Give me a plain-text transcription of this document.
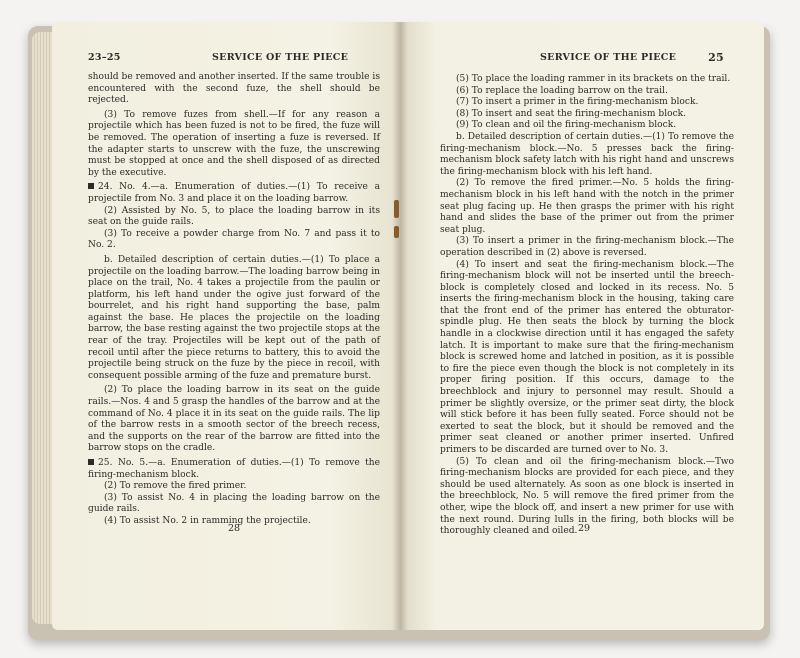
23–25	SERVICE OF THE PIECE

should be removed and another inserted. If the same trouble is encountered with the second fuze, the shell should be rejected.

(3) To remove fuzes from shell.—If for any reason a projectile which has been fuzed is not to be fired, the fuze will be removed. The operation of inserting a fuze is reversed. If the adapter starts to unscrew with the fuze, the unscrewing must be stopped at once and the shell disposed of as directed by the executive.

24. No. 4.—a. Enumeration of duties.—(1) To receive a projectile from No. 3 and place it on the loading barrow.

(2) Assisted by No. 5, to place the loading barrow in its seat on the guide rails.

(3) To receive a powder charge from No. 7 and pass it to No. 2.

b. Detailed description of certain duties.—(1) To place a projectile on the loading barrow.—The loading barrow being in place on the trail, No. 4 takes a projectile from the paulin or platform, his left hand under the ogive just forward of the bourrelet, and his right hand supporting the base, palm against the base. He places the projectile on the loading barrow, the base resting against the two projectile stops at the rear of the tray. Projectiles will be kept out of the path of recoil until after the piece returns to battery, this to avoid the projectile being struck on the fuze by the piece in recoil, with consequent possible arming of the fuze and premature burst.

(2) To place the loading barrow in its seat on the guide rails.—Nos. 4 and 5 grasp the handles of the barrow and at the command of No. 4 place it in its seat on the guide rails. The lip of the barrow rests in a smooth sector of the breech recess, and the supports on the rear of the barrow are fitted into the barrow stops on the cradle.

25. No. 5.—a. Enumeration of duties.—(1) To remove the firing-mechanism block.

(2) To remove the fired primer.

(3) To assist No. 4 in placing the loading barrow on the guide rails.

(4) To assist No. 2 in ramming the projectile.

28
SERVICE OF THE PIECE	25

(5) To place the loading rammer in its brackets on the trail.

(6) To replace the loading barrow on the trail.

(7) To insert a primer in the firing-mechanism block.

(8) To insert and seat the firing-mechanism block.

(9) To clean and oil the firing-mechanism block.

b. Detailed description of certain duties.—(1) To remove the firing-mechanism block.—No. 5 presses back the firing-mechanism block safety latch with his right hand and unscrews the firing-mechanism block with his left hand.

(2) To remove the fired primer.—No. 5 holds the firing-mechanism block in his left hand with the notch in the primer seat plug facing up. He then grasps the primer with his right hand and slides the base of the primer out from the primer seat plug.

(3) To insert a primer in the firing-mechanism block.—The operation described in (2) above is reversed.

(4) To insert and seat the firing-mechanism block.—The firing-mechanism block will not be inserted until the breech-block is completely closed and locked in its recess. No. 5 inserts the firing-mechanism block in the housing, taking care that the front end of the primer has entered the obturator-spindle plug. He then seats the block by turning the block handle in a clockwise direction until it has engaged the safety latch. It is important to make sure that the firing-mechanism block is screwed home and latched in position, as it is possible to fire the piece even though the block is not completely in its proper firing position. If this occurs, damage to the breechblock and injury to personnel may result. Should a primer be slightly oversize, or the primer seat dirty, the block will stick before it has been fully seated. Force should not be exerted to seat the block, but it should be removed and the primer seat cleaned or another primer inserted. Unfired primers to be discarded are turned over to No. 3.

(5) To clean and oil the firing-mechanism block.—Two firing-mechanism blocks are provided for each piece, and they should be used alternately. As soon as one block is inserted in the breechblock, No. 5 will remove the fired primer from the other, wipe the block off, and insert a new primer for use with the next round. During lulls in the firing, both blocks will be thoroughly cleaned and oiled. 29
